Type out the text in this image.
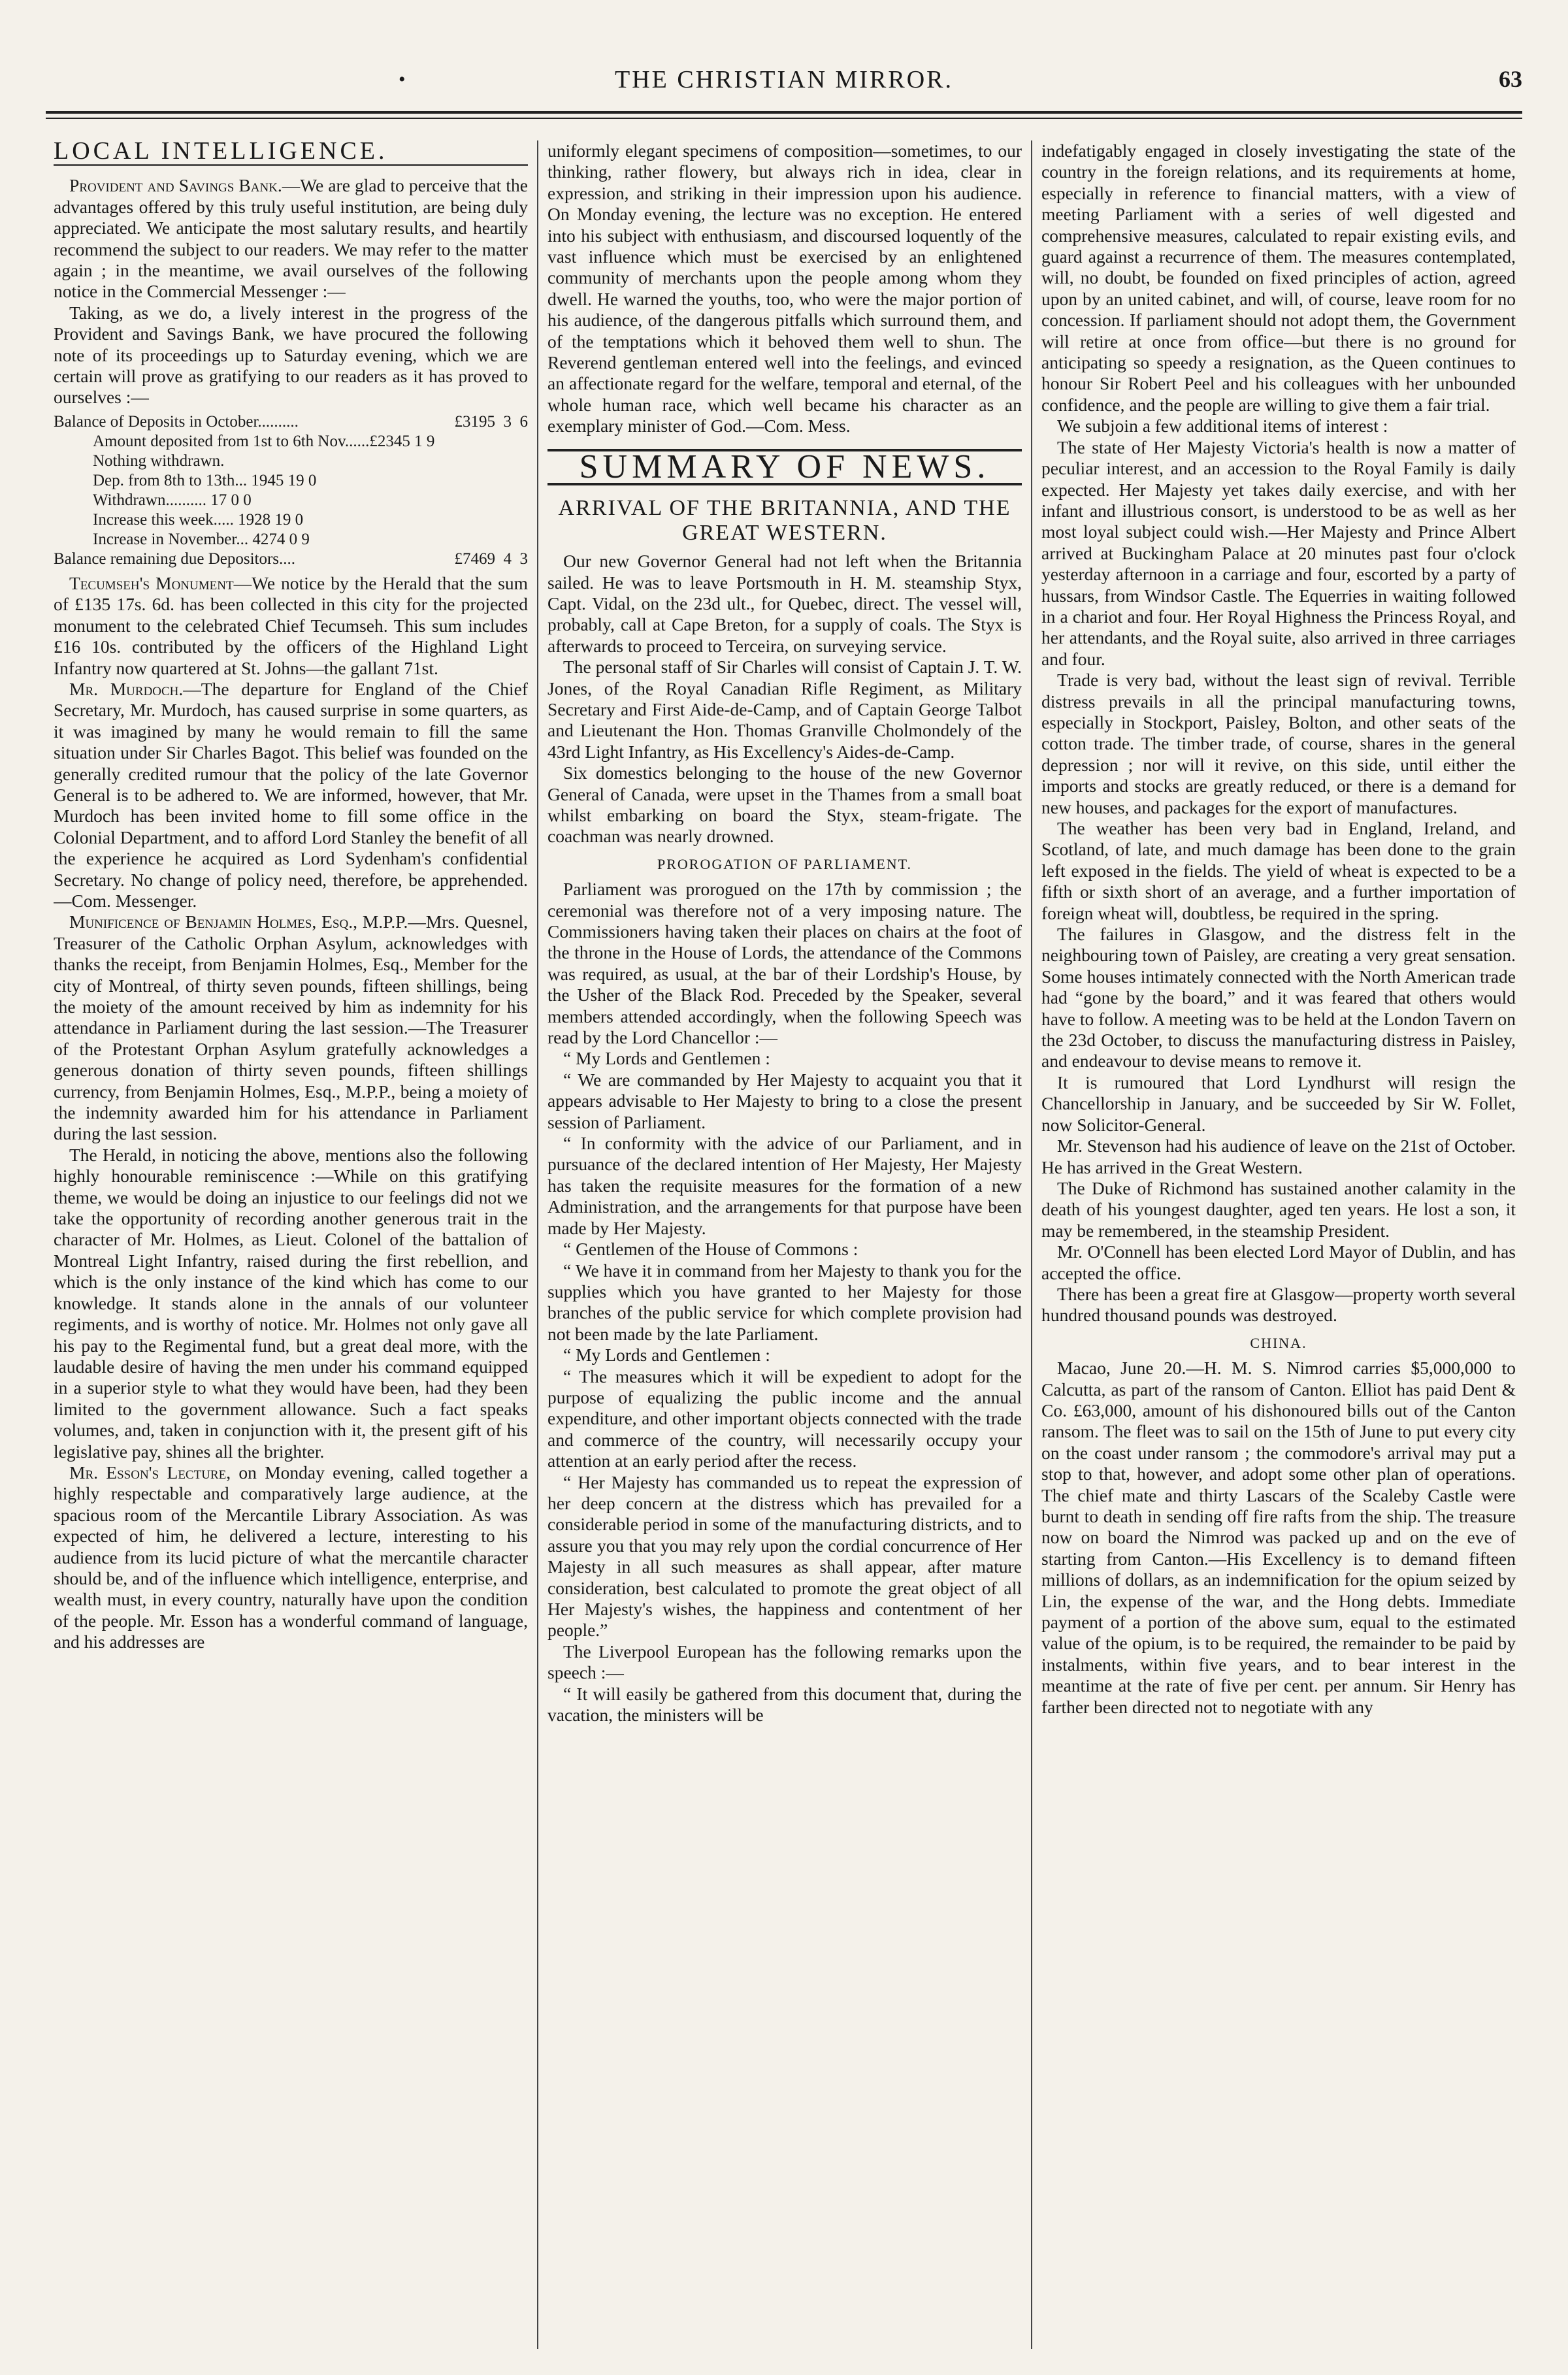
•	THE CHRISTIAN MIRROR.	63
LOCAL INTELLIGENCE.

Provident and Savings Bank.—We are glad to perceive that the advantages offered by this truly useful institution, are being duly appreciated. We anticipate the most salutary results, and heartily recommend the subject to our readers. We may refer to the matter again ; in the meantime, we avail ourselves of the following notice in the Commercial Messenger :—

Taking, as we do, a lively interest in the progress of the Provident and Savings Bank, we have procured the following note of its proceedings up to Saturday evening, which we are certain will prove as gratifying to our readers as it has proved to ourselves :—

Balance of Deposits in October..........	£3195  3  6
Amount deposited from 1st to 6th Nov......£2345 1 9
Nothing withdrawn.
Dep. from 8th to 13th... 1945 19 0
Withdrawn.......... 17 0 0
Increase this week..... 1928 19 0
Increase in November... 4274 0 9
Balance remaining due Depositors....	£7469  4  3

Tecumseh's Monument—We notice by the Herald that the sum of £135 17s. 6d. has been collected in this city for the projected monument to the celebrated Chief Tecumseh. This sum includes £16 10s. contributed by the officers of the Highland Light Infantry now quartered at St. Johns—the gallant 71st.

Mr. Murdoch.—The departure for England of the Chief Secretary, Mr. Murdoch, has caused surprise in some quarters, as it was imagined by many he would remain to fill the same situation under Sir Charles Bagot. This belief was founded on the generally credited rumour that the policy of the late Governor General is to be adhered to. We are informed, however, that Mr. Murdoch has been invited home to fill some office in the Colonial Department, and to afford Lord Stanley the benefit of all the experience he acquired as Lord Sydenham's confidential Secretary. No change of policy need, therefore, be apprehended.—Com. Messenger.

Munificence of Benjamin Holmes, Esq., M.P.P.—Mrs. Quesnel, Treasurer of the Catholic Orphan Asylum, acknowledges with thanks the receipt, from Benjamin Holmes, Esq., Member for the city of Montreal, of thirty seven pounds, fifteen shillings, being the moiety of the amount received by him as indemnity for his attendance in Parliament during the last session.—The Treasurer of the Protestant Orphan Asylum gratefully acknowledges a generous donation of thirty seven pounds, fifteen shillings currency, from Benjamin Holmes, Esq., M.P.P., being a moiety of the indemnity awarded him for his attendance in Parliament during the last session.

The Herald, in noticing the above, mentions also the following highly honourable reminiscence :—While on this gratifying theme, we would be doing an injustice to our feelings did not we take the opportunity of recording another generous trait in the character of Mr. Holmes, as Lieut. Colonel of the battalion of Montreal Light Infantry, raised during the first rebellion, and which is the only instance of the kind which has come to our knowledge. It stands alone in the annals of our volunteer regiments, and is worthy of notice. Mr. Holmes not only gave all his pay to the Regimental fund, but a great deal more, with the laudable desire of having the men under his command equipped in a superior style to what they would have been, had they been limited to the government allowance. Such a fact speaks volumes, and, taken in conjunction with it, the present gift of his legislative pay, shines all the brighter.

Mr. Esson's Lecture, on Monday evening, called together a highly respectable and comparatively large audience, at the spacious room of the Mercantile Library Association. As was expected of him, he delivered a lecture, interesting to his audience from its lucid picture of what the mercantile character should be, and of the influence which intelligence, enterprise, and wealth must, in every country, naturally have upon the condition of the people. Mr. Esson has a wonderful command of language, and his addresses are

uniformly elegant specimens of composition—sometimes, to our thinking, rather flowery, but always rich in idea, clear in expression, and striking in their impression upon his audience. On Monday evening, the lecture was no exception. He entered into his subject with enthusiasm, and discoursed loquently of the vast influence which must be exercised by an enlightened community of merchants upon the people among whom they dwell. He warned the youths, too, who were the major portion of his audience, of the dangerous pitfalls which surround them, and of the temptations which it behoved them well to shun. The Reverend gentleman entered well into the feelings, and evinced an affectionate regard for the welfare, temporal and eternal, of the whole human race, which well became his character as an exemplary minister of God.—Com. Mess.

SUMMARY OF NEWS.
ARRIVAL OF THE BRITANNIA, AND THE GREAT WESTERN.

Our new Governor General had not left when the Britannia sailed. He was to leave Portsmouth in H. M. steamship Styx, Capt. Vidal, on the 23d ult., for Quebec, direct. The vessel will, probably, call at Cape Breton, for a supply of coals. The Styx is afterwards to proceed to Terceira, on surveying service.

The personal staff of Sir Charles will consist of Captain J. T. W. Jones, of the Royal Canadian Rifle Regiment, as Military Secretary and First Aide-de-Camp, and of Captain George Talbot and Lieutenant the Hon. Thomas Granville Cholmondely of the 43rd Light Infantry, as His Excellency's Aides-de-Camp.

Six domestics belonging to the house of the new Governor General of Canada, were upset in the Thames from a small boat whilst embarking on board the Styx, steam-frigate. The coachman was nearly drowned.

PROROGATION OF PARLIAMENT.

Parliament was prorogued on the 17th by commission ; the ceremonial was therefore not of a very imposing nature. The Commissioners having taken their places on chairs at the foot of the throne in the House of Lords, the attendance of the Commons was required, as usual, at the bar of their Lordship's House, by the Usher of the Black Rod. Preceded by the Speaker, several members attended accordingly, when the following Speech was read by the Lord Chancellor :—

“ My Lords and Gentlemen :

“ We are commanded by Her Majesty to acquaint you that it appears advisable to Her Majesty to bring to a close the present session of Parliament.

“ In conformity with the advice of our Parliament, and in pursuance of the declared intention of Her Majesty, Her Majesty has taken the requisite measures for the formation of a new Administration, and the arrangements for that purpose have been made by Her Majesty.

“ Gentlemen of the House of Commons :

“ We have it in command from her Majesty to thank you for the supplies which you have granted to her Majesty for those branches of the public service for which complete provision had not been made by the late Parliament.

“ My Lords and Gentlemen :

“ The measures which it will be expedient to adopt for the purpose of equalizing the public income and the annual expenditure, and other important objects connected with the trade and commerce of the country, will necessarily occupy your attention at an early period after the recess.

“ Her Majesty has commanded us to repeat the expression of her deep concern at the distress which has prevailed for a considerable period in some of the manufacturing districts, and to assure you that you may rely upon the cordial concurrence of Her Majesty in all such measures as shall appear, after mature consideration, best calculated to promote the great object of all Her Majesty's wishes, the happiness and contentment of her people.”

The Liverpool European has the following remarks upon the speech :—

“ It will easily be gathered from this document that, during the vacation, the ministers will be

indefatigably engaged in closely investigating the state of the country in the foreign relations, and its requirements at home, especially in reference to financial matters, with a view of meeting Parliament with a series of well digested and comprehensive measures, calculated to repair existing evils, and guard against a recurrence of them. The measures contemplated, will, no doubt, be founded on fixed principles of action, agreed upon by an united cabinet, and will, of course, leave room for no concession. If parliament should not adopt them, the Government will retire at once from office—but there is no ground for anticipating so speedy a resignation, as the Queen continues to honour Sir Robert Peel and his colleagues with her unbounded confidence, and the people are willing to give them a fair trial.

We subjoin a few additional items of interest :

The state of Her Majesty Victoria's health is now a matter of peculiar interest, and an accession to the Royal Family is daily expected. Her Majesty yet takes daily exercise, and with her infant and illustrious consort, is understood to be as well as her most loyal subject could wish.—Her Majesty and Prince Albert arrived at Buckingham Palace at 20 minutes past four o'clock yesterday afternoon in a carriage and four, escorted by a party of hussars, from Windsor Castle. The Equerries in waiting followed in a chariot and four. Her Royal Highness the Princess Royal, and her attendants, and the Royal suite, also arrived in three carriages and four.

Trade is very bad, without the least sign of revival. Terrible distress prevails in all the principal manufacturing towns, especially in Stockport, Paisley, Bolton, and other seats of the cotton trade. The timber trade, of course, shares in the general depression ; nor will it revive, on this side, until either the imports and stocks are greatly reduced, or there is a demand for new houses, and packages for the export of manufactures.

The weather has been very bad in England, Ireland, and Scotland, of late, and much damage has been done to the grain left exposed in the fields. The yield of wheat is expected to be a fifth or sixth short of an average, and a further importation of foreign wheat will, doubtless, be required in the spring.

The failures in Glasgow, and the distress felt in the neighbouring town of Paisley, are creating a very great sensation. Some houses intimately connected with the North American trade had “gone by the board,” and it was feared that others would have to follow. A meeting was to be held at the London Tavern on the 23d October, to discuss the manufacturing distress in Paisley, and endeavour to devise means to remove it.

It is rumoured that Lord Lyndhurst will resign the Chancellorship in January, and be succeeded by Sir W. Follet, now Solicitor-General.

Mr. Stevenson had his audience of leave on the 21st of October. He has arrived in the Great Western.

The Duke of Richmond has sustained another calamity in the death of his youngest daughter, aged ten years. He lost a son, it may be remembered, in the steamship President.

Mr. O'Connell has been elected Lord Mayor of Dublin, and has accepted the office.

There has been a great fire at Glasgow—property worth several hundred thousand pounds was destroyed.

CHINA.

Macao, June 20.—H. M. S. Nimrod carries $5,000,000 to Calcutta, as part of the ransom of Canton. Elliot has paid Dent & Co. £63,000, amount of his dishonoured bills out of the Canton ransom. The fleet was to sail on the 15th of June to put every city on the coast under ransom ; the commodore's arrival may put a stop to that, however, and adopt some other plan of operations. The chief mate and thirty Lascars of the Scaleby Castle were burnt to death in sending off fire rafts from the ship. The treasure now on board the Nimrod was packed up and on the eve of starting from Canton.—His Excellency is to demand fifteen millions of dollars, as an indemnification for the opium seized by Lin, the expense of the war, and the Hong debts. Immediate payment of a portion of the above sum, equal to the estimated value of the opium, is to be required, the remainder to be paid by instalments, within five years, and to bear interest in the meantime at the rate of five per cent. per annum. Sir Henry has farther been directed not to negotiate with any
